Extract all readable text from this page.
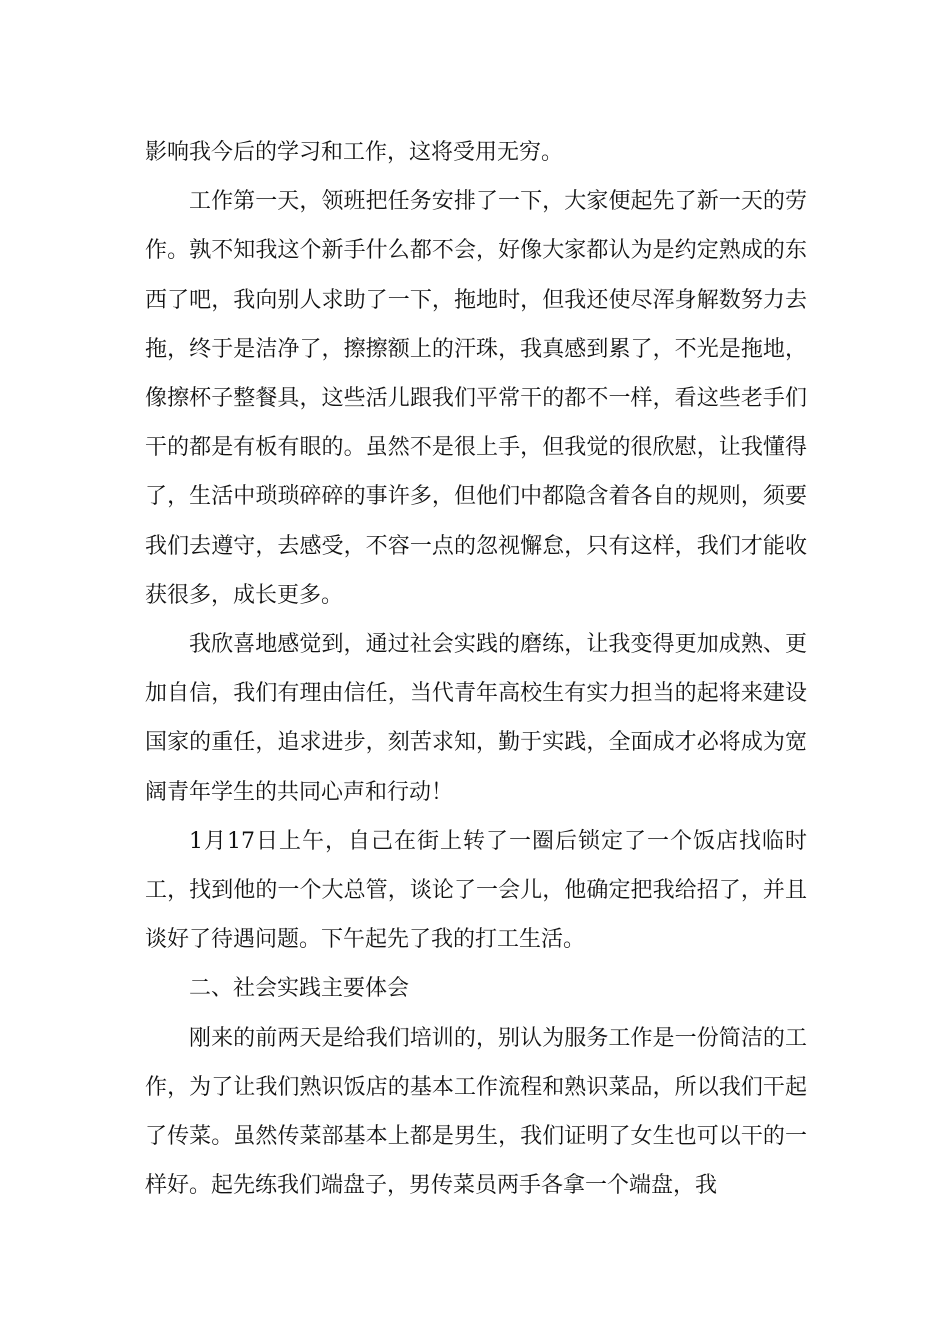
影响我今后的学习和工作，这将受用无穷。

工作第一天，领班把任务安排了一下，大家便起先了新一天的劳作。孰不知我这个新手什么都不会，好像大家都认为是约定熟成的东西了吧，我向别人求助了一下，拖地时，但我还使尽浑身解数努力去拖，终于是洁净了，擦擦额上的汗珠，我真感到累了，不光是拖地，像擦杯子整餐具，这些活儿跟我们平常干的都不一样，看这些老手们干的都是有板有眼的。虽然不是很上手，但我觉的很欣慰，让我懂得了，生活中琐琐碎碎的事许多，但他们中都隐含着各自的规则，须要我们去遵守，去感受，不容一点的忽视懈怠，只有这样，我们才能收获很多，成长更多。

我欣喜地感觉到，通过社会实践的磨练，让我变得更加成熟、更加自信，我们有理由信任，当代青年高校生有实力担当的起将来建设国家的重任，追求进步，刻苦求知，勤于实践，全面成才必将成为宽阔青年学生的共同心声和行动！

1月17日上午，自己在街上转了一圈后锁定了一个饭店找临时工，找到他的一个大总管，谈论了一会儿，他确定把我给招了，并且谈好了待遇问题。下午起先了我的打工生活。

二、社会实践主要体会

刚来的前两天是给我们培训的，别认为服务工作是一份简洁的工作，为了让我们熟识饭店的基本工作流程和熟识菜品，所以我们干起了传菜。虽然传菜部基本上都是男生，我们证明了女生也可以干的一样好。起先练我们端盘子，男传菜员两手各拿一个端盘，我
